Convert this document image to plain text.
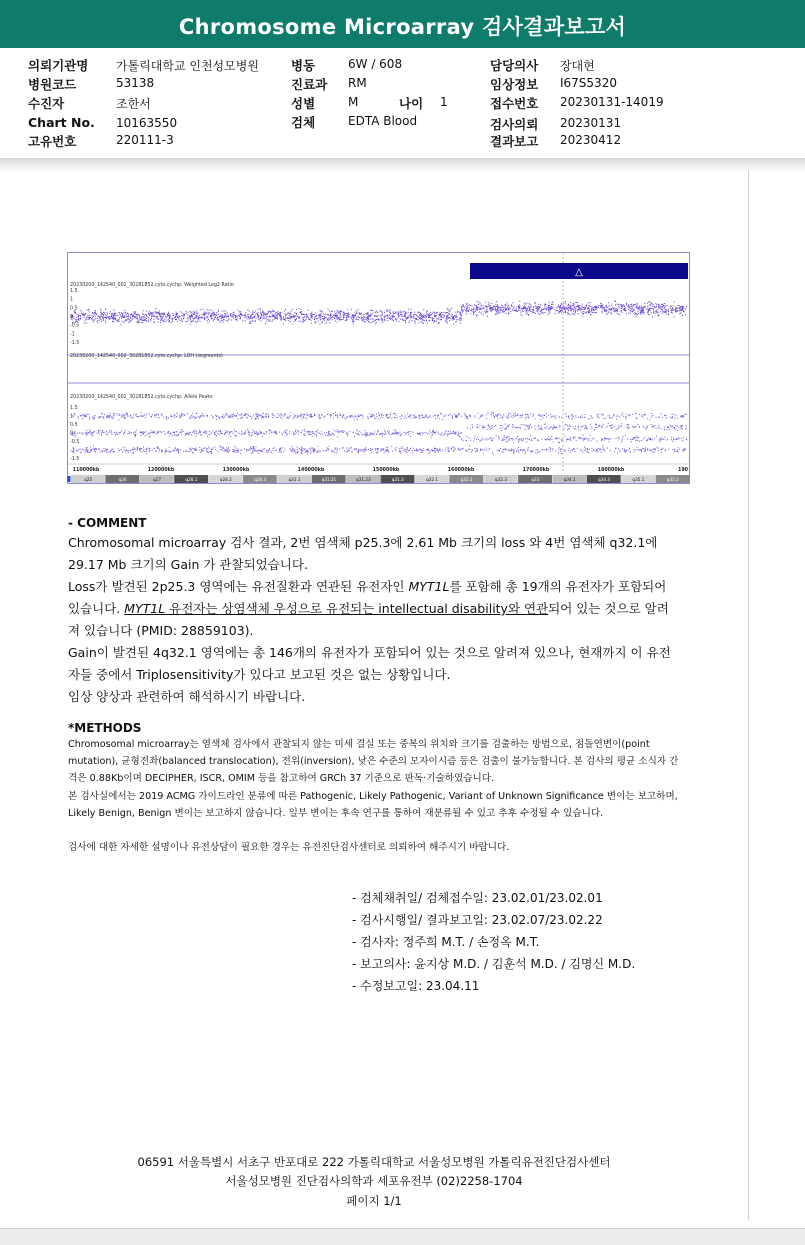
Chromosome Microarray 검사결과보고서
의뢰기관명 가톨릭대학교 인천성모병원
병원코드	53138
수진자	조한서
Chart No. 10163550
고유번호	220111-3
병동	6W / 608
진료과 RM
성별	M	나이 1
검체	EDTA Blood
담당의사 장대현
임상정보 I67S5320
접수번호 20230131-14019
검사의뢰 20230131
결과보고 20230412
△
20230200_142540_002_30281852.cyto.cychp: Weighted Log2 Ratio
20230200_142540_002_30281852.cyto.cychp: LOH (segments)
20230200_142540_002_30281852.cyto.cychp: Allele Peaks
1.5
1
0.5
0
-0.5
-1
-1.5
1.5
1
0.5
0
-0.5
-1
-1.5
110000kb	120000kb	130000kb	140000kb	150000kb	160000kb	170000kb	180000kb	190
q25	q26	q27	q28.1	q28.2	q28.3	q31.1	q31.21	q31.23	q31.3	q32.1	q32.2	q32.3	q33	q34.1	q34.3	q35.1	q35.2
- COMMENT
Chromosomal microarray 검사 결과, 2번 염색체 p25.3에 2.61 Mb 크기의 loss 와 4번 염색체 q32.1에 29.17 Mb 크기의 Gain 가 관찰되었습니다.
Loss가 발견된 2p25.3 영역에는 유전질환과 연관된 유전자인 MYT1L를 포함해 총 19개의 유전자가 포함되어 있습니다. MYT1L 유전자는 상염색체 우성으로 유전되는 intellectual disability와 연관되어 있는 것으로 알려져 있습니다 (PMID: 28859103).
Gain이 발견된 4q32.1 영역에는 총 146개의 유전자가 포함되어 있는 것으로 알려져 있으나, 현재까지 이 유전자들 중에서 Triplosensitivity가 있다고 보고된 것은 없는 상황입니다.
임상 양상과 관련하여 해석하시기 바랍니다.
*METHODS
Chromosomal microarray는 염색체 검사에서 관찰되지 않는 미세 결실 또는 중복의 위치와 크기를 검출하는 방법으로, 점돌연변이(point mutation), 균형전좌(balanced translocation), 전위(inversion), 낮은 수준의 모자이시즘 등은 검출이 불가능합니다. 본 검사의 평균 소식자 간격은 0.88Kb이며 DECIPHER, ISCR, OMIM 등을 참고하여 GRCh 37 기준으로 판독·기술하였습니다.
본 검사실에서는 2019 ACMG 가이드라인 분류에 따른 Pathogenic, Likely Pathogenic, Variant of Unknown Significance 변이는 보고하며, Likely Benign, Benign 변이는 보고하지 않습니다. 일부 변이는 후속 연구를 통하여 재분류될 수 있고 추후 수정될 수 있습니다.
검사에 대한 자세한 설명이나 유전상담이 필요한 경우는 유전진단검사센터로 의뢰하여 해주시기 바랍니다.
- 검체채취일/ 검체접수일: 23.02.01/23.02.01
- 검사시행일/ 결과보고일: 23.02.07/23.02.22
- 검사자: 정주희 M.T. / 손정옥 M.T.
- 보고의사: 윤지상 M.D. / 김훈석 M.D. / 김명신 M.D.
- 수정보고일: 23.04.11
06591 서울특별시 서초구 반포대로 222 가톨릭대학교 서울성모병원 가톨릭유전진단검사센터
서울성모병원 진단검사의학과 세포유전부 (02)2258-1704
페이지 1/1
